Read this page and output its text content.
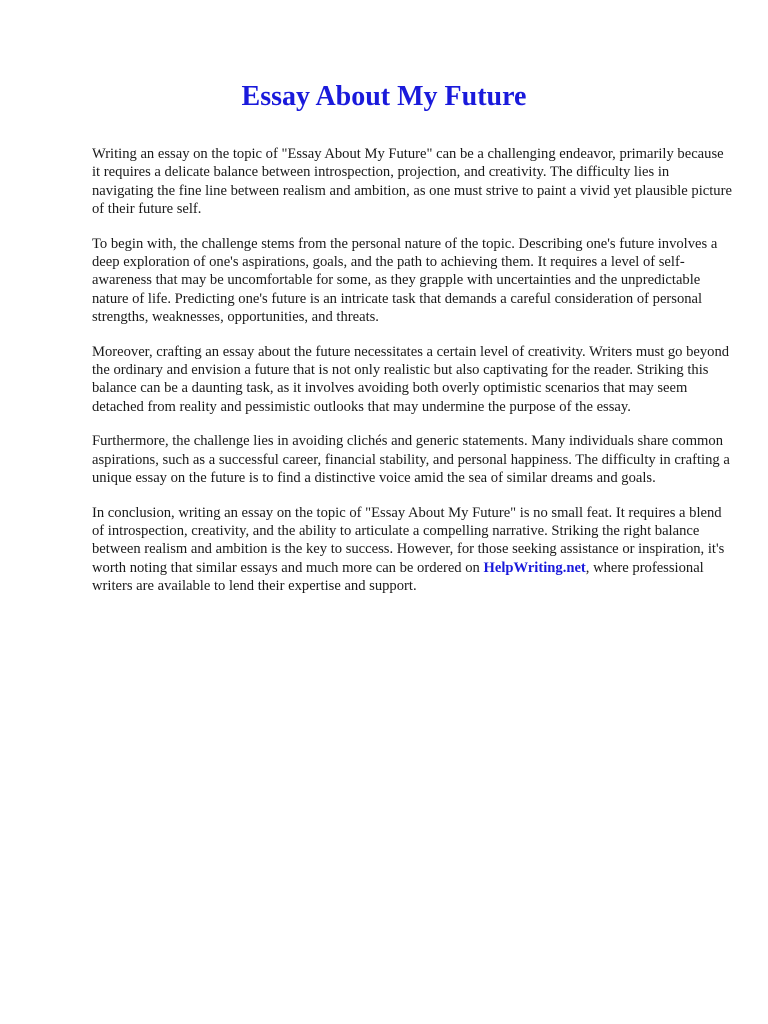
Essay About My Future

Writing an essay on the topic of "Essay About My Future" can be a challenging endeavor, primarily because it requires a delicate balance between introspection, projection, and creativity. The difficulty lies in navigating the fine line between realism and ambition, as one must strive to paint a vivid yet plausible picture of their future self.

To begin with, the challenge stems from the personal nature of the topic. Describing one's future involves a deep exploration of one's aspirations, goals, and the path to achieving them. It requires a level of self-awareness that may be uncomfortable for some, as they grapple with uncertainties and the unpredictable nature of life. Predicting one's future is an intricate task that demands a careful consideration of personal strengths, weaknesses, opportunities, and threats.

Moreover, crafting an essay about the future necessitates a certain level of creativity. Writers must go beyond the ordinary and envision a future that is not only realistic but also captivating for the reader. Striking this balance can be a daunting task, as it involves avoiding both overly optimistic scenarios that may seem detached from reality and pessimistic outlooks that may undermine the purpose of the essay.

Furthermore, the challenge lies in avoiding clichés and generic statements. Many individuals share common aspirations, such as a successful career, financial stability, and personal happiness. The difficulty in crafting a unique essay on the future is to find a distinctive voice amid the sea of similar dreams and goals.

In conclusion, writing an essay on the topic of "Essay About My Future" is no small feat. It requires a blend of introspection, creativity, and the ability to articulate a compelling narrative. Striking the right balance between realism and ambition is the key to success. However, for those seeking assistance or inspiration, it's worth noting that similar essays and much more can be ordered on HelpWriting.net, where professional writers are available to lend their expertise and support.
